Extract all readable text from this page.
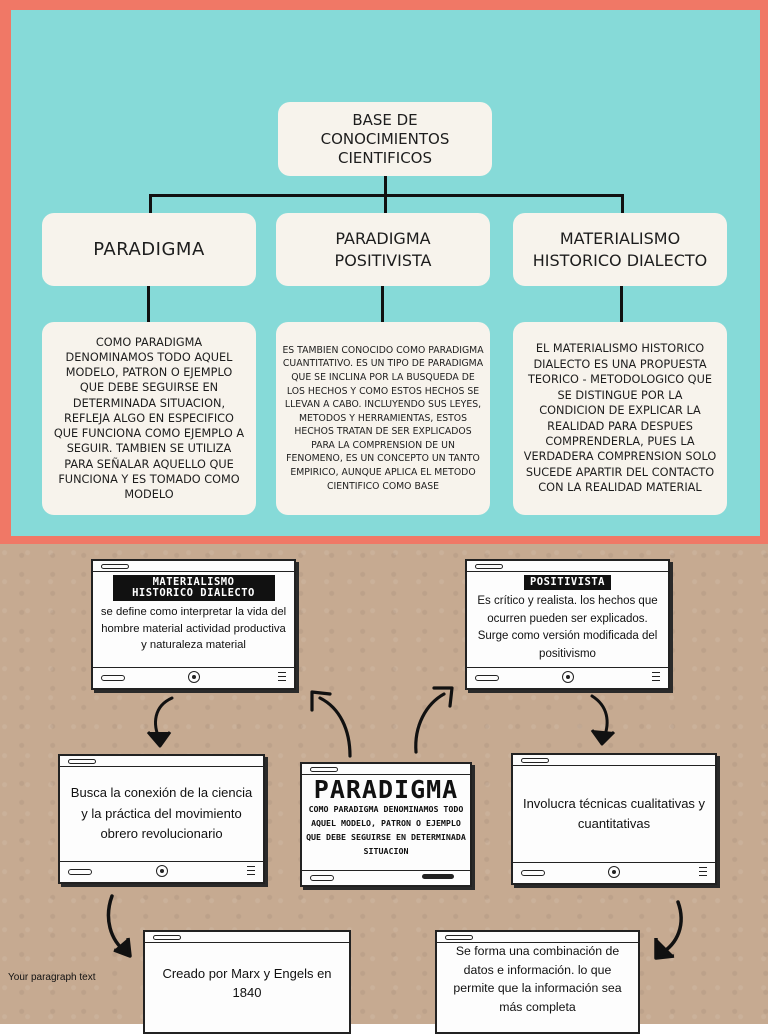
BASE DE
CONOCIMIENTOS
CIENTIFICOS
PARADIGMA
PARADIGMA
POSITIVISTA
MATERIALISMO
HISTORICO DIALECTO
COMO PARADIGMA DENOMINAMOS TODO AQUEL MODELO, PATRON O EJEMPLO QUE DEBE SEGUIRSE EN DETERMINADA SITUACION, REFLEJA ALGO EN ESPECIFICO QUE FUNCIONA COMO EJEMPLO A SEGUIR. TAMBIEN SE UTILIZA PARA SEÑALAR AQUELLO QUE FUNCIONA Y ES TOMADO COMO MODELO
ES TAMBIEN CONOCIDO COMO PARADIGMA CUANTITATIVO. ES UN TIPO DE PARADIGMA QUE SE INCLINA POR LA BUSQUEDA DE LOS HECHOS Y COMO ESTOS HECHOS SE LLEVAN A CABO. INCLUYENDO SUS LEYES, METODOS Y HERRAMIENTAS, ESTOS HECHOS TRATAN DE SER EXPLICADOS PARA LA COMPRENSION DE UN FENOMENO, ES UN CONCEPTO UN TANTO EMPIRICO, AUNQUE APLICA EL METODO CIENTIFICO COMO BASE
EL MATERIALISMO HISTORICO DIALECTO ES UNA PROPUESTA TEORICO - METODOLOGICO QUE SE DISTINGUE POR LA CONDICION DE EXPLICAR LA REALIDAD PARA DESPUES COMPRENDERLA, PUES LA VERDADERA COMPRENSION SOLO SUCEDE APARTIR DEL CONTACTO CON LA REALIDAD MATERIAL
MATERIALISMO HISTORICO DIALECTO
se define como interpretar la vida del hombre material actividad productiva y naturaleza material
POSITIVISTA
Es crítico y realista. los hechos que ocurren pueden ser explicados. Surge como versión modificada del positivismo
Busca la conexión de la ciencia y la práctica del movimiento obrero revolucionario
PARADIGMA
COMO PARADIGMA DENOMINAMOS TODO AQUEL MODELO, PATRON O EJEMPLO QUE DEBE SEGUIRSE EN DETERMINADA SITUACION
Involucra técnicas cualitativas y cuantitativas
Creado por Marx y Engels en 1840
Se forma una combinación de datos e información. lo que permite que la información sea más completa
Your paragraph text
